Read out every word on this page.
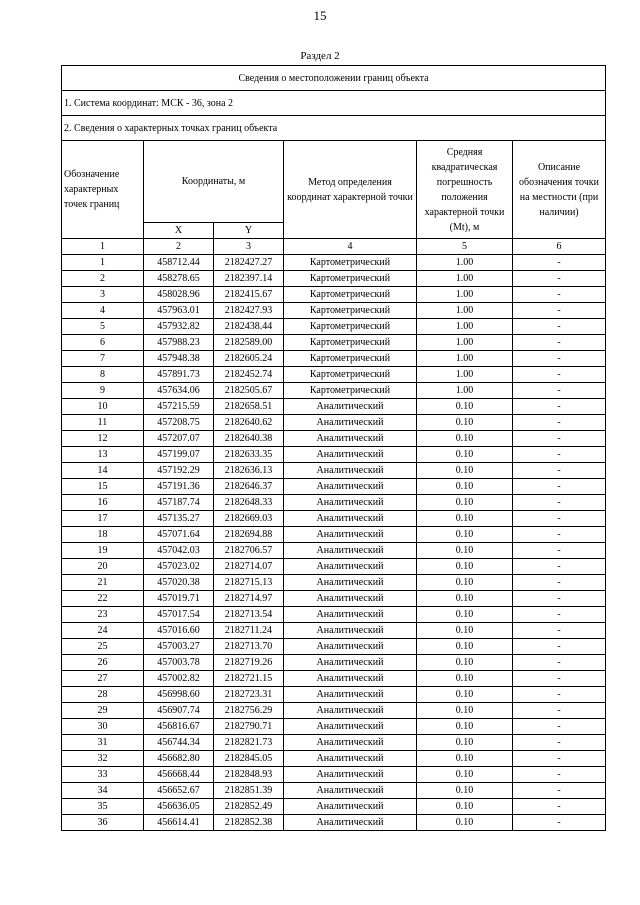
15
Раздел 2
Сведения о местоположении границ объекта					
1. Система координат: МСК - 36, зона 2					
2. Сведения о характерных точках границ объекта					
Обозначение характерных точек границ	Координаты, м		Метод определения координат характерной точки	Средняя квадратическая погрешность положения характерной точки (Mt), м	Описание обозначения точки на местности (при наличии)
	X	Y			
1	2	3	4	5	6
1	458712.44	2182427.27	Картометрический	1.00	-
2	458278.65	2182397.14	Картометрический	1.00	-
3	458028.96	2182415.67	Картометрический	1.00	-
4	457963.01	2182427.93	Картометрический	1.00	-
5	457932.82	2182438.44	Картометрический	1.00	-
6	457988.23	2182589.00	Картометрический	1.00	-
7	457948.38	2182605.24	Картометрический	1.00	-
8	457891.73	2182452.74	Картометрический	1.00	-
9	457634.06	2182505.67	Картометрический	1.00	-
10	457215.59	2182658.51	Аналитический	0.10	-
11	457208.75	2182640.62	Аналитический	0.10	-
12	457207.07	2182640.38	Аналитический	0.10	-
13	457199.07	2182633.35	Аналитический	0.10	-
14	457192.29	2182636.13	Аналитический	0.10	-
15	457191.36	2182646.37	Аналитический	0.10	-
16	457187.74	2182648.33	Аналитический	0.10	-
17	457135.27	2182669.03	Аналитический	0.10	-
18	457071.64	2182694.88	Аналитический	0.10	-
19	457042.03	2182706.57	Аналитический	0.10	-
20	457023.02	2182714.07	Аналитический	0.10	-
21	457020.38	2182715.13	Аналитический	0.10	-
22	457019.71	2182714.97	Аналитический	0.10	-
23	457017.54	2182713.54	Аналитический	0.10	-
24	457016.60	2182711.24	Аналитический	0.10	-
25	457003.27	2182713.70	Аналитический	0.10	-
26	457003.78	2182719.26	Аналитический	0.10	-
27	457002.82	2182721.15	Аналитический	0.10	-
28	456998.60	2182723.31	Аналитический	0.10	-
29	456907.74	2182756.29	Аналитический	0.10	-
30	456816.67	2182790.71	Аналитический	0.10	-
31	456744.34	2182821.73	Аналитический	0.10	-
32	456682.80	2182845.05	Аналитический	0.10	-
33	456668.44	2182848.93	Аналитический	0.10	-
34	456652.67	2182851.39	Аналитический	0.10	-
35	456636.05	2182852.49	Аналитический	0.10	-
36	456614.41	2182852.38	Аналитический	0.10	-
